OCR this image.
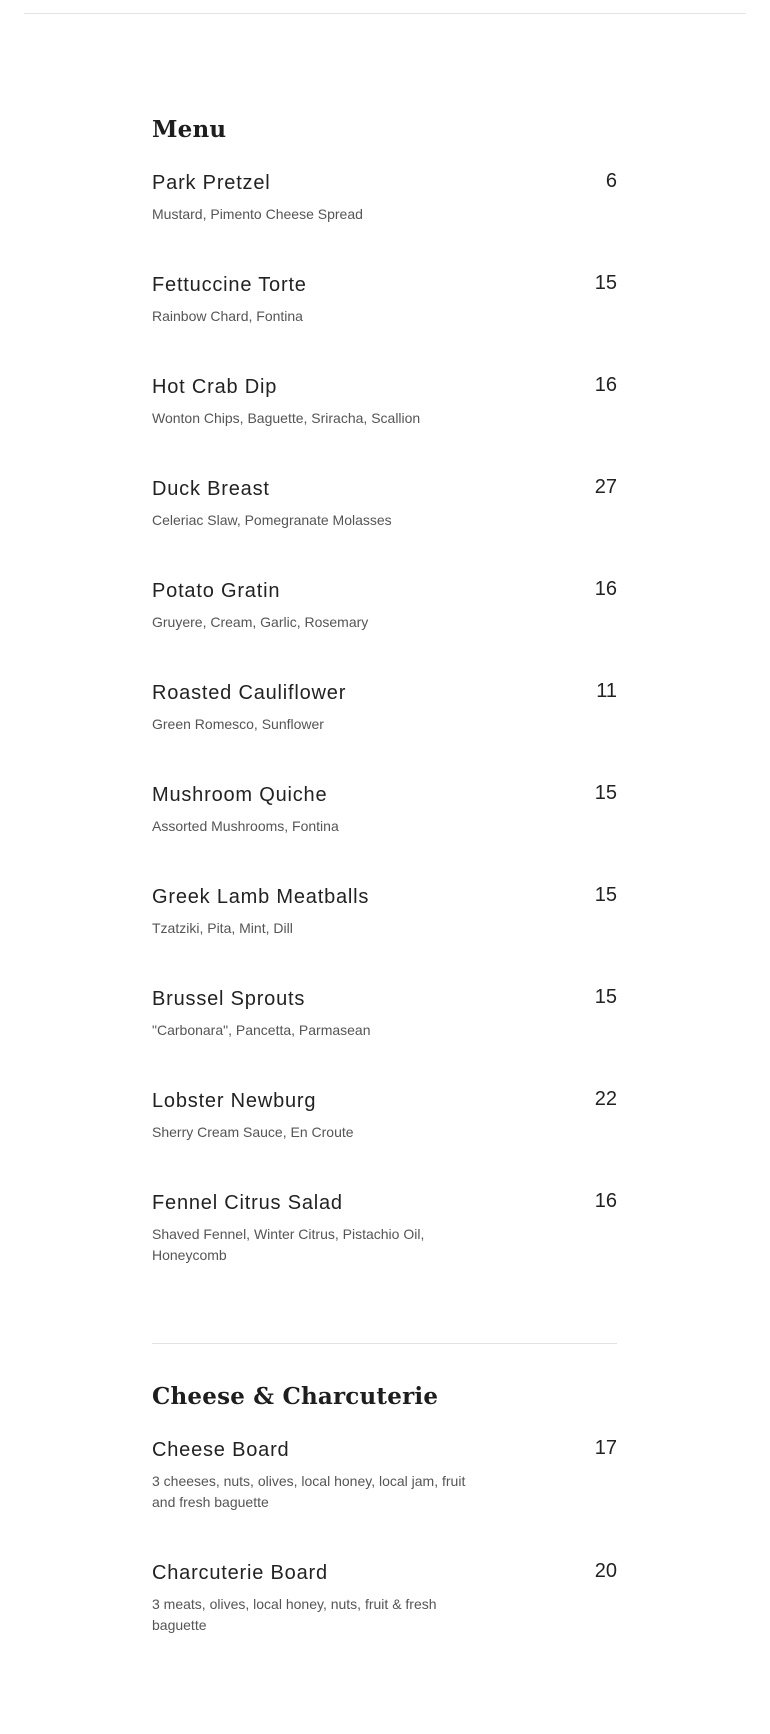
Menu
Park Pretzel	6
Mustard, Pimento Cheese Spread
Fettuccine Torte	15
Rainbow Chard, Fontina
Hot Crab Dip	16
Wonton Chips, Baguette, Sriracha, Scallion
Duck Breast	27
Celeriac Slaw, Pomegranate Molasses
Potato Gratin	16
Gruyere, Cream, Garlic, Rosemary
Roasted Cauliflower	11
Green Romesco, Sunflower
Mushroom Quiche	15
Assorted Mushrooms, Fontina
Greek Lamb Meatballs	15
Tzatziki, Pita, Mint, Dill
Brussel Sprouts	15
"Carbonara", Pancetta, Parmasean
Lobster Newburg	22
Sherry Cream Sauce, En Croute
Fennel Citrus Salad	16
Shaved Fennel, Winter Citrus, Pistachio Oil, Honeycomb
Cheese & Charcuterie
Cheese Board	17
3 cheeses, nuts, olives, local honey, local jam, fruit and fresh baguette
Charcuterie Board	20
3 meats, olives, local honey, nuts, fruit & fresh baguette
